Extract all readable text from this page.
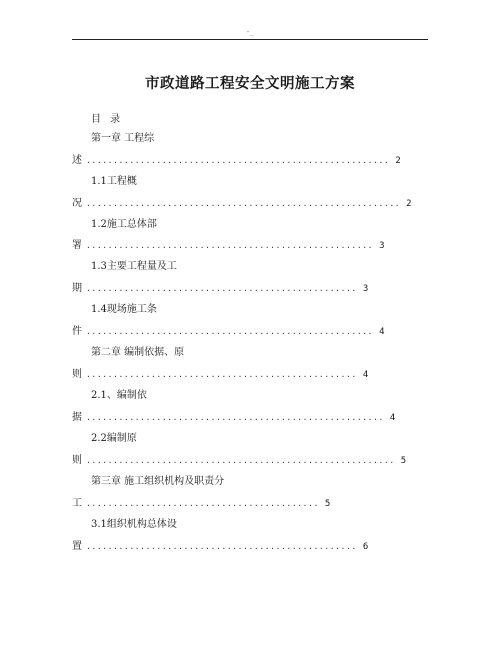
-_
市政道路工程安全文明施工方案
目 录
第一章 工程综
述 ........................................................ 2
1.1工程概
况 .......................................................... 2
1.2施工总体部
署 ..................................................... 3
1.3主要工程量及工
期 .................................................. 3
1.4现场施工条
件 ..................................................... 4
第二章 编制依据、原
则 .................................................. 4
2.1、编制依
据 ....................................................... 4
2.2编制原
则 ......................................................... 5
第三章 施工组织机构及职责分
工 ........................................... 5
3.1组织机构总体设
置 .................................................. 6
